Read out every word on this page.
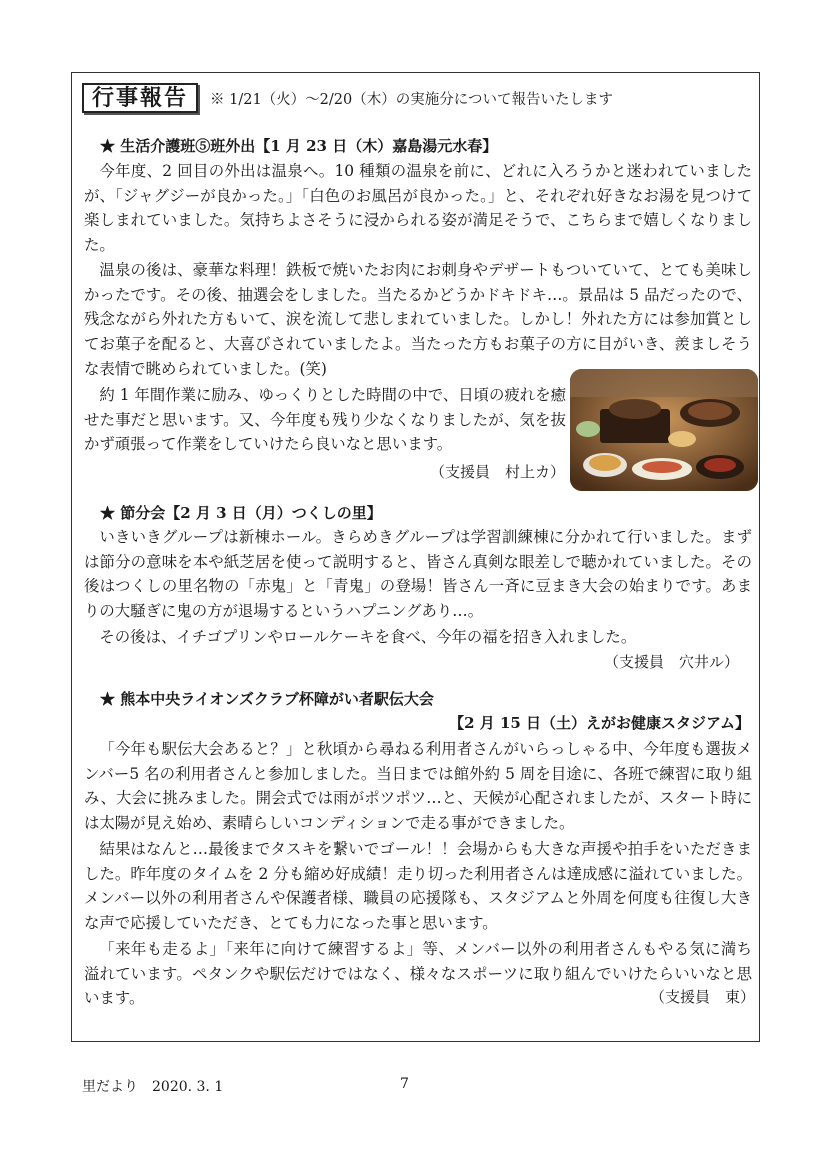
行事報告	※ 1/21（火）～2/20（木）の実施分について報告いたします
★ 生活介護班⑤班外出【1 月 23 日（木）嘉島湯元水春】

今年度、2 回目の外出は温泉へ。10 種類の温泉を前に、どれに入ろうかと迷われていましたが、「ジャグジーが良かった。」「白色のお風呂が良かった。」と、それぞれ好きなお湯を見つけて楽しまれていました。気持ちよさそうに浸かられる姿が満足そうで、こちらまで嬉しくなりました。

温泉の後は、豪華な料理！鉄板で焼いたお肉にお刺身やデザートもついていて、とても美味しかったです。その後、抽選会をしました。当たるかどうかドキドキ…。景品は 5 品だったので、残念ながら外れた方もいて、涙を流して悲しまれていました。しかし！外れた方には参加賞としてお菓子を配ると、大喜びされていましたよ。当たった方もお菓子の方に目がいき、羨ましそうな表情で眺められていました。(笑)

約 1 年間作業に励み、ゆっくりとした時間の中で、日頃の疲れを癒せた事だと思います。又、今年度も残り少なくなりましたが、気を抜かず頑張って作業をしていけたら良いなと思います。

（支援員　村上カ）
★ 節分会【2 月 3 日（月）つくしの里】

いきいきグループは新棟ホール。きらめきグループは学習訓練棟に分かれて行いました。まずは節分の意味を本や紙芝居を使って説明すると、皆さん真剣な眼差しで聴かれていました。その後はつくしの里名物の「赤鬼」と「青鬼」の登場！皆さん一斉に豆まき大会の始まりです。あまりの大騒ぎに鬼の方が退場するというハプニングあり…。

その後は、イチゴプリンやロールケーキを食べ、今年の福を招き入れました。

（支援員　穴井ル）
★ 熊本中央ライオンズクラブ杯障がい者駅伝大会
【2 月 15 日（土）えがお健康スタジアム】

「今年も駅伝大会あると？」と秋頃から尋ねる利用者さんがいらっしゃる中、今年度も選抜メンバー5 名の利用者さんと参加しました。当日までは館外約 5 周を目途に、各班で練習に取り組み、大会に挑みました。開会式では雨がポツポツ…と、天候が心配されましたが、スタート時には太陽が見え始め、素晴らしいコンディションで走る事ができました。

結果はなんと…最後までタスキを繋いでゴール！！会場からも大きな声援や拍手をいただきました。昨年度のタイムを 2 分も縮め好成績！走り切った利用者さんは達成感に溢れていました。メンバー以外の利用者さんや保護者様、職員の応援隊も、スタジアムと外周を何度も往復し大きな声で応援していただき、とても力になった事と思います。

「来年も走るよ」「来年に向けて練習するよ」等、メンバー以外の利用者さんもやる気に満ち溢れています。ペタンクや駅伝だけではなく、様々なスポーツに取り組んでいけたらいいなと思います。	（支援員　東）
里だより　2020. 3. 1	7
